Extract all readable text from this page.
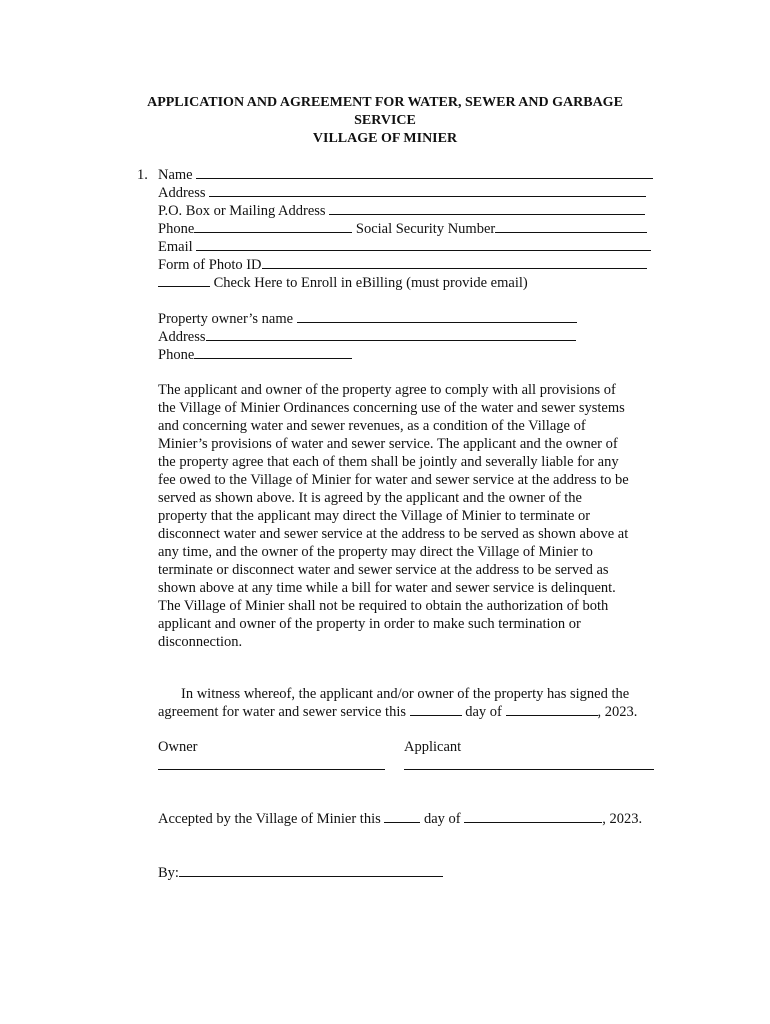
APPLICATION AND AGREEMENT FOR WATER, SEWER AND GARBAGE
SERVICE
VILLAGE OF MINIER
1. Name
Address
P.O. Box or Mailing Address
Phone	Social Security Number
Email
Form of Photo ID
Check Here to Enroll in eBilling (must provide email)
Property owner’s name
Address
Phone
The applicant and owner of the property agree to comply with all provisions of
the Village of Minier Ordinances concerning use of the water and sewer systems
and concerning water and sewer revenues, as a condition of the Village of
Minier’s provisions of water and sewer service. The applicant and the owner of
the property agree that each of them shall be jointly and severally liable for any
fee owed to the Village of Minier for water and sewer service at the address to be
served as shown above. It is agreed by the applicant and the owner of the
property that the applicant may direct the Village of Minier to terminate or
disconnect water and sewer service at the address to be served as shown above at
any time, and the owner of the property may direct the Village of Minier to
terminate or disconnect water and sewer service at the address to be served as
shown above at any time while a bill for water and sewer service is delinquent.
The Village of Minier shall not be required to obtain the authorization of both
applicant and owner of the property in order to make such termination or
disconnection.
In witness whereof, the applicant and/or owner of the property has signed the
agreement for water and sewer service this	day of	, 2023.
Owner	Applicant
Accepted by the Village of Minier this	day of	, 2023.
By:
